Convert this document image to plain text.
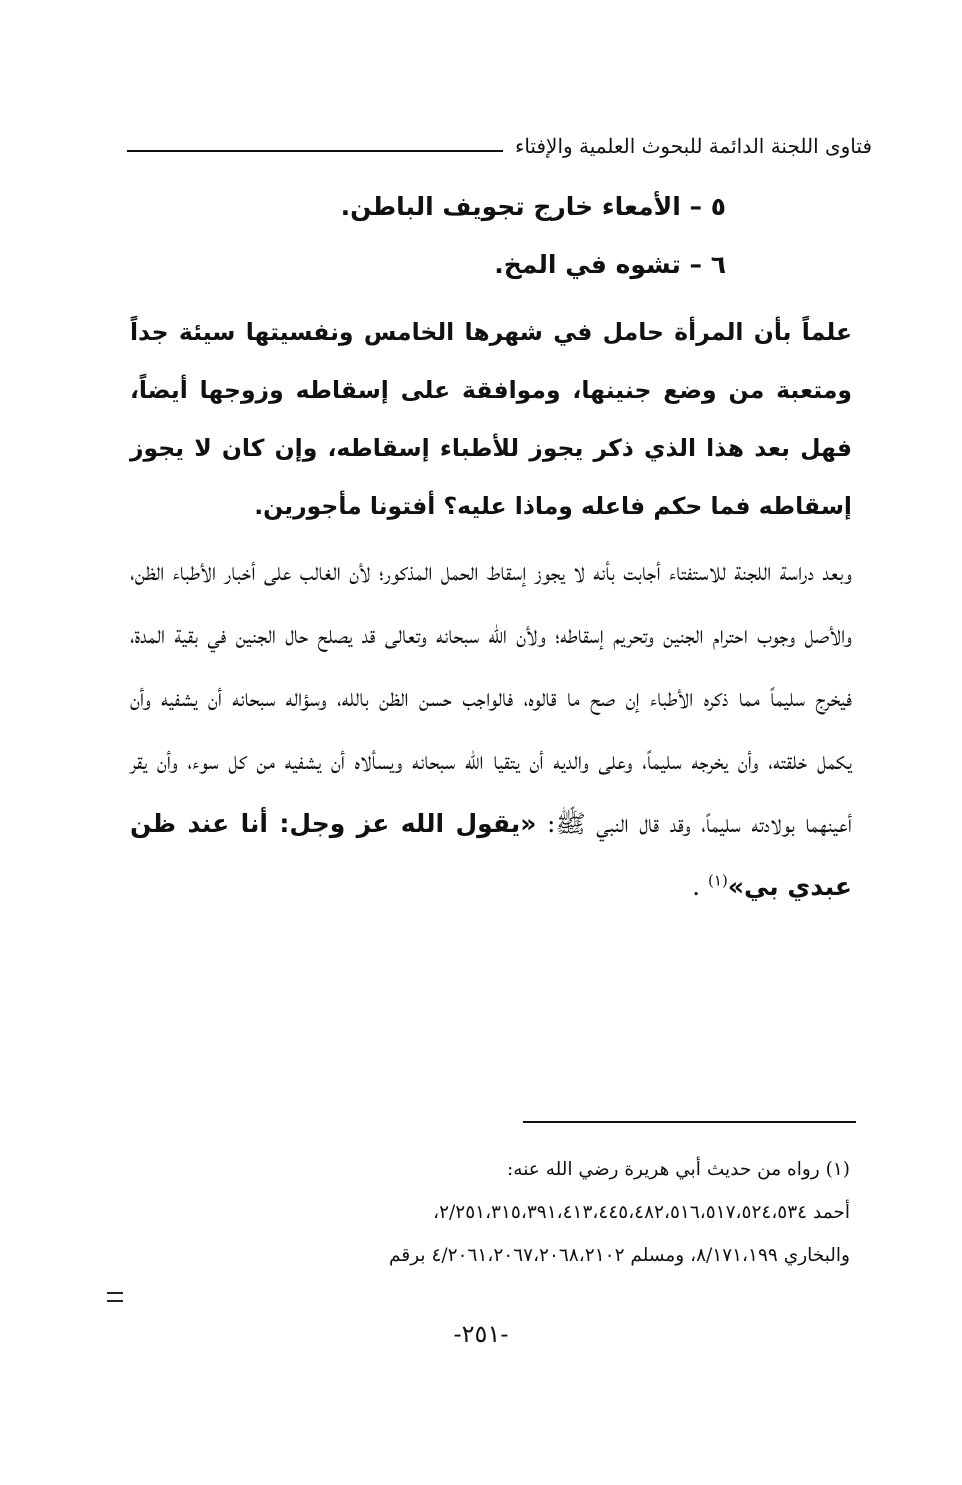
فتاوى اللجنة الدائمة للبحوث العلمية والإفتاء
٥ – الأمعاء خارج تجويف الباطن.
٦ – تشوه في المخ.

علماً بأن المرأة حامل في شهرها الخامس ونفسيتها سيئة جداً ومتعبة من وضع جنينها، وموافقة على إسقاطه وزوجها أيضاً، فهل بعد هذا الذي ذكر يجوز للأطباء إسقاطه، وإن كان لا يجوز إسقاطه فما حكم فاعله وماذا عليه؟ أفتونا مأجورين.

وبعد دراسة اللجنة للاستفتاء أجابت بأنه لا يجوز إسقاط الحمل المذكور؛ لأن الغالب على أخبار الأطباء الظن، والأصل وجوب احترام الجنين وتحريم إسقاطه؛ ولأن الله سبحانه وتعالى قد يصلح حال الجنين في بقية المدة، فيخرج سليماً مما ذكره الأطباء إن صح ما قالوه، فالواجب حسن الظن بالله، وسؤاله سبحانه أن يشفيه وأن يكمل خلقته، وأن يخرجه سليماً، وعلى والديه أن يتقيا الله سبحانه ويسألاه أن يشفيه من كل سوء، وأن يقر أعينهما بولادته سليماً، وقد قال النبي ﷺ: «يقول الله عز وجل: أنا عند ظن عبدي بي»$^{(١)}$ .

(١) رواه من حديث أبي هريرة رضي الله عنه:
أحمد ٢/٢٥١،٣١٥،٣٩١،٤١٣،٤٤٥،٤٨٢،٥١٦،٥١٧،٥٢٤،٥٣٤،
والبخاري ٨/١٧١،١٩٩، ومسلم ٤/٢٠٦١،٢٠٦٧،٢٠٦٨،٢١٠٢ برقم
-٢٥١-
